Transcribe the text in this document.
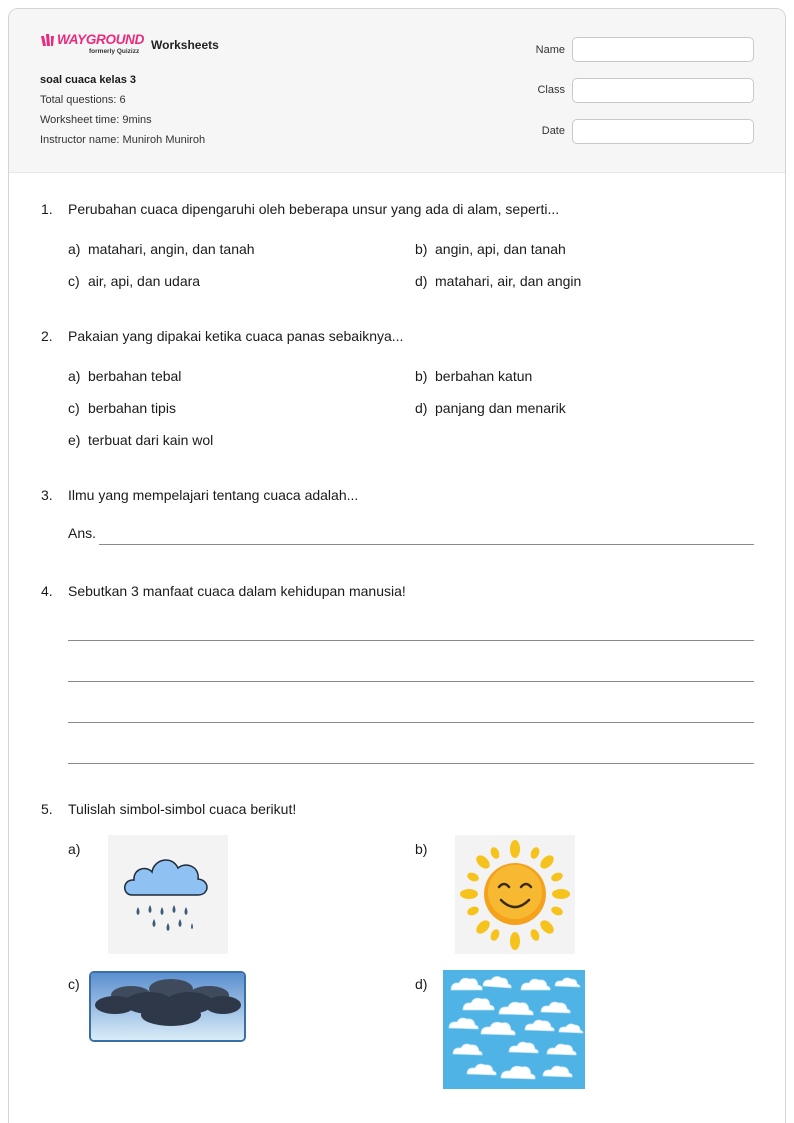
WAYGROUND
formerly Quizizz Worksheets
soal cuaca kelas 3
Total questions: 6
Worksheet time: 9mins
Instructor name: Muniroh Muniroh
Name
Class
Date
1. Perubahan cuaca dipengaruhi oleh beberapa unsur yang ada di alam, seperti...
a) matahari, angin, dan tanah	b) angin, api, dan tanah
c) air, api, dan udara	d) matahari, air, dan angin
2. Pakaian yang dipakai ketika cuaca panas sebaiknya...
a) berbahan tebal	b) berbahan katun
c) berbahan tipis	d) panjang dan menarik
e) terbuat dari kain wol
3. Ilmu yang mempelajari tentang cuaca adalah...
Ans.
4. Sebutkan 3 manfaat cuaca dalam kehidupan manusia!
5. Tulislah simbol-simbol cuaca berikut!
a)	b)
c)	d)
